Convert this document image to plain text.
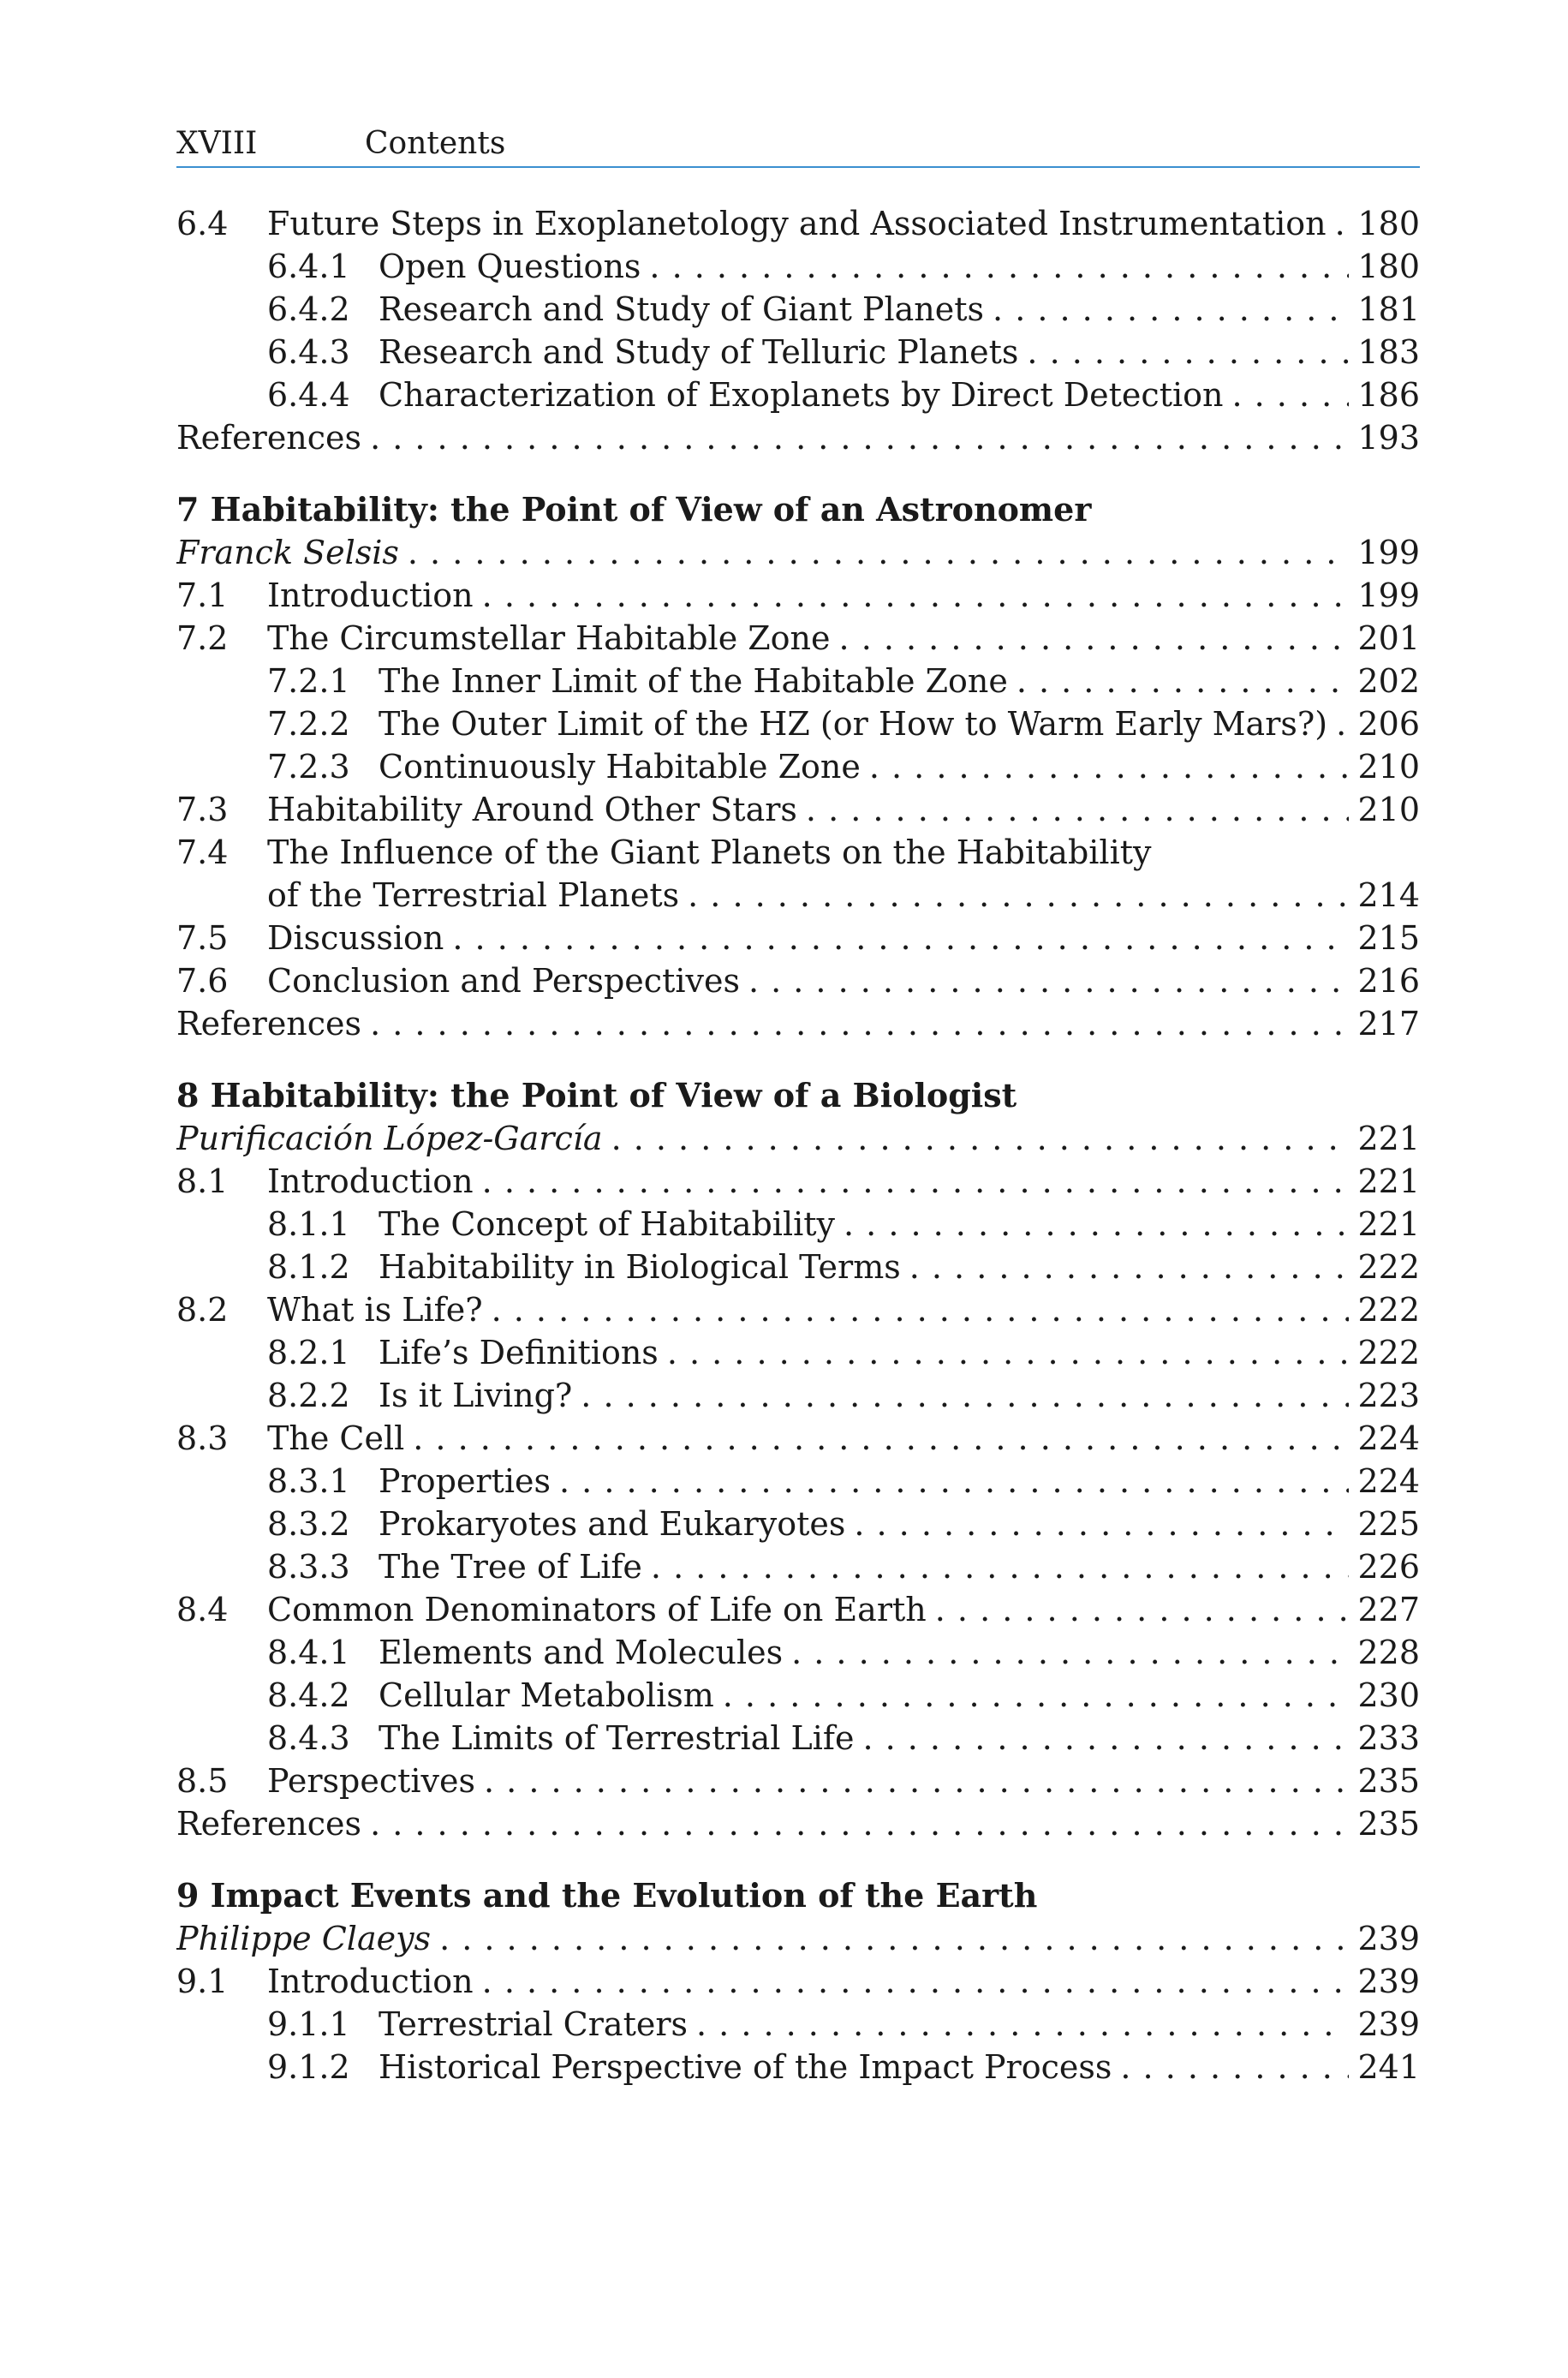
XVIII	Contents
6.4 Future Steps in Exoplanetology and Associated Instrumentation . . . 180
6.4.1 Open Questions . . .	180
6.4.2 Research and Study of Giant Planets . . .	181
6.4.3 Research and Study of Telluric Planets . . .	183
6.4.4 Characterization of Exoplanets by Direct Detection . . .	186
References . . .	193
7 Habitability: the Point of View of an Astronomer
Franck Selsis . . .	199
7.1 Introduction . . .	199
7.2 The Circumstellar Habitable Zone . . .	201
7.2.1 The Inner Limit of the Habitable Zone . . .	202
7.2.2 The Outer Limit of the HZ (or How to Warm Early Mars?) . . . 206
7.2.3 Continuously Habitable Zone . . .	210
7.3 Habitability Around Other Stars . . .	210
7.4 The Influence of the Giant Planets on the Habitability
of the Terrestrial Planets . . .	214
7.5 Discussion . . .	215
7.6 Conclusion and Perspectives . . .	216
References . . .	217
8 Habitability: the Point of View of a Biologist
Purificación López-García . . .	221
8.1 Introduction . . .	221
8.1.1 The Concept of Habitability . . .	221
8.1.2 Habitability in Biological Terms . . .	222
8.2 What is Life? . . .	222
8.2.1 Life’s Definitions . . .	222
8.2.2 Is it Living? . . .	223
8.3 The Cell . . .	224
8.3.1 Properties . . .	224
8.3.2 Prokaryotes and Eukaryotes . . .	225
8.3.3 The Tree of Life . . .	226
8.4 Common Denominators of Life on Earth . . .	227
8.4.1 Elements and Molecules . . .	228
8.4.2 Cellular Metabolism . . .	230
8.4.3 The Limits of Terrestrial Life . . .	233
8.5 Perspectives . . .	235
References . . .	235
9 Impact Events and the Evolution of the Earth
Philippe Claeys . . .	239
9.1 Introduction . . .	239
9.1.1 Terrestrial Craters . . .	239
9.1.2 Historical Perspective of the Impact Process . . .	241
